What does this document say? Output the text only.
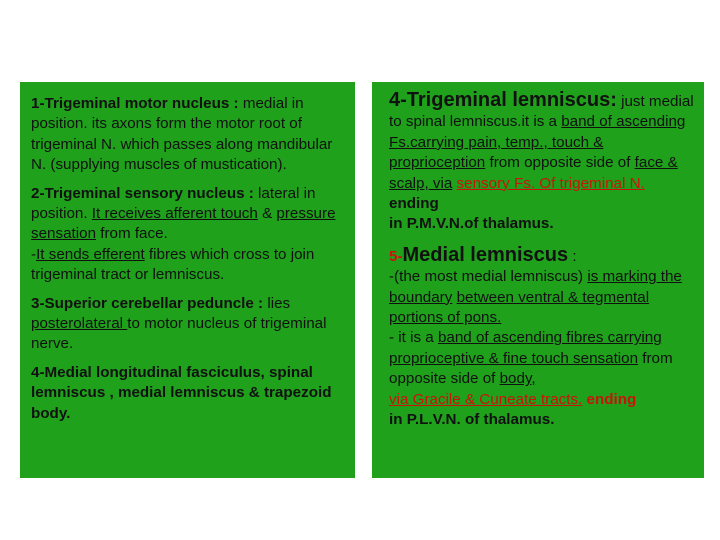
1-Trigeminal motor nucleus : medial in position. its axons form the motor root of trigeminal N. which passes along mandibular N. (supplying muscles of mustication).

2-Trigeminal sensory nucleus : lateral in position. It receives afferent touch & pressure sensation from face.
-It sends efferent fibres which cross to join trigeminal tract or lemniscus.

3-Superior cerebellar peduncle : lies posterolateral to motor nucleus of trigeminal nerve.

4-Medial longitudinal fasciculus, spinal lemniscus , medial lemniscus & trapezoid body.

4-Trigeminal lemniscus: just medial to spinal lemniscus.it is a band of ascending Fs.carrying pain, temp., touch & proprioception from opposite side of face & scalp, via sensory Fs. Of trigeminal N. ending
in P.M.V.N.of thalamus.

5-Medial lemniscus :
-(the most medial lemniscus) is marking the boundary between ventral & tegmental portions of pons.
- it is a band of ascending fibres carrying proprioceptive & fine touch sensation from opposite side of body,
via Gracile & Cuneate tracts. ending
in P.L.V.N. of thalamus.
